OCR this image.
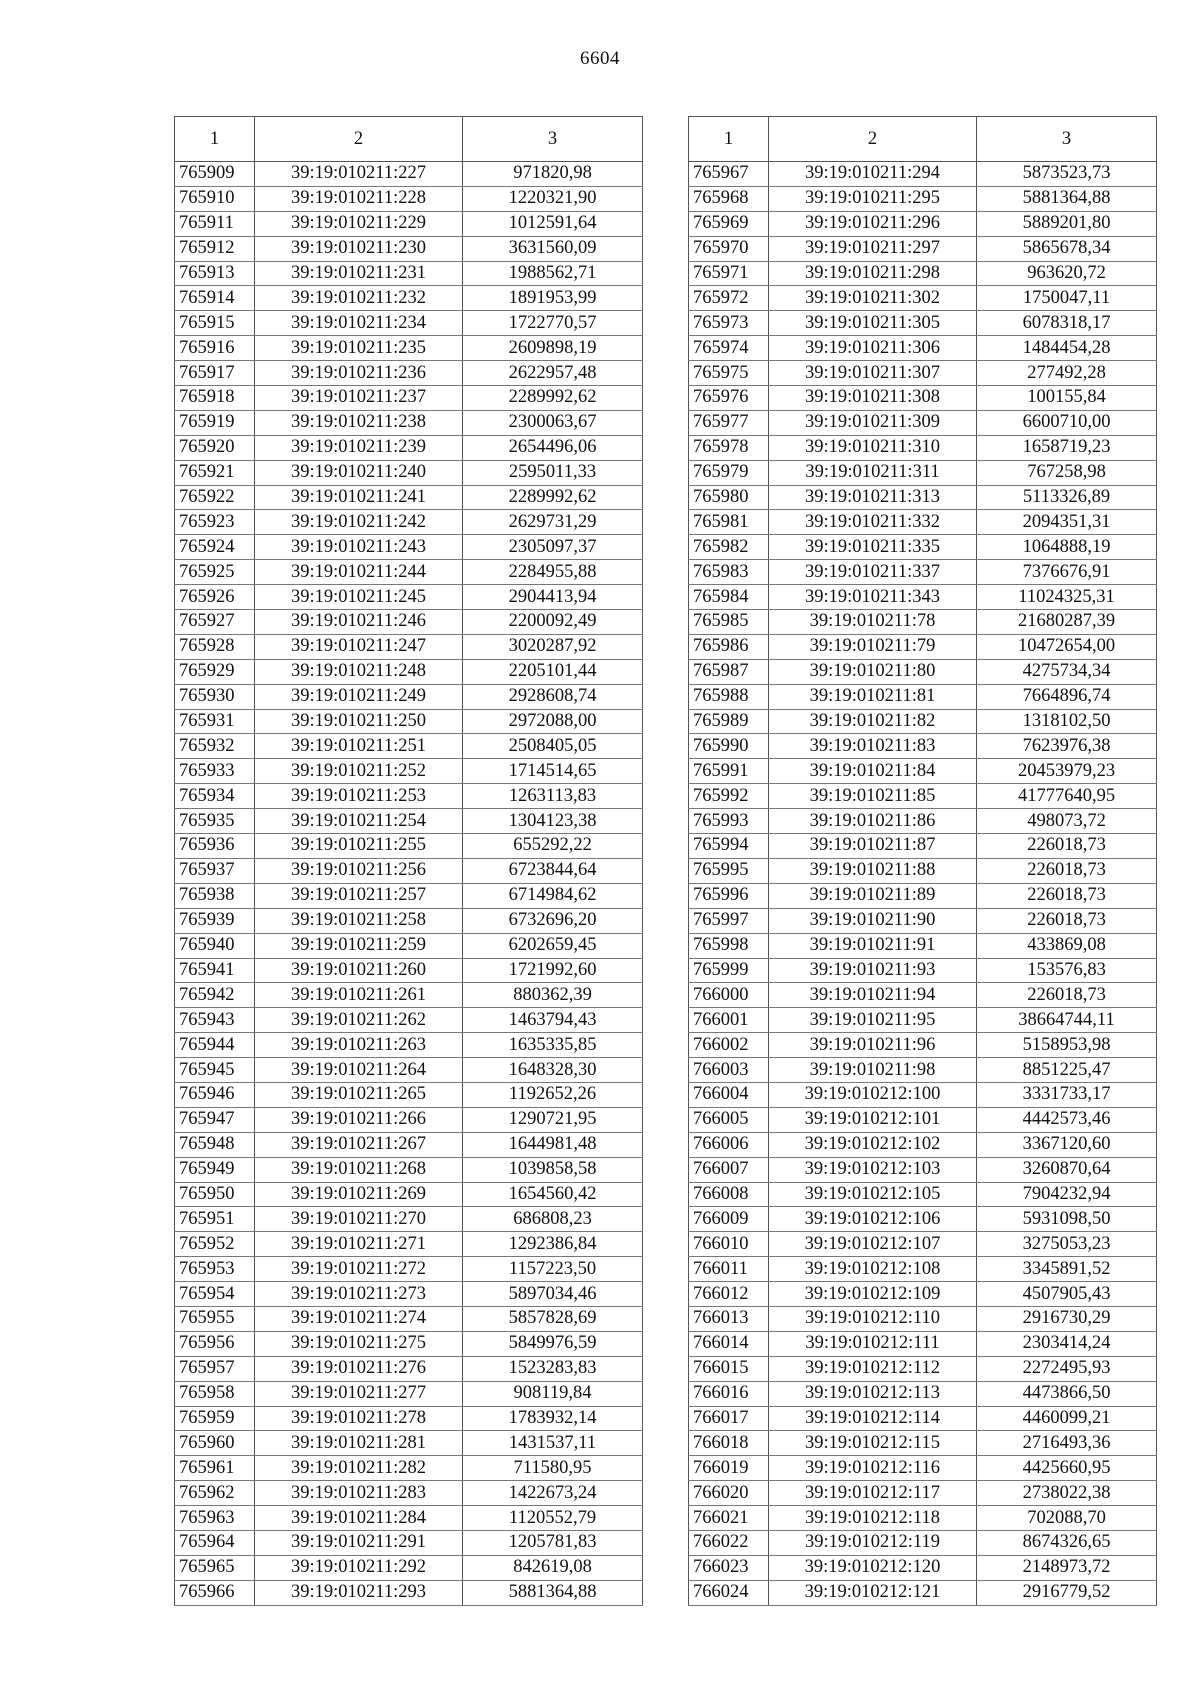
6604
1	2	3
765909	39:19:010211:227	971820,98
765910	39:19:010211:228	1220321,90
765911	39:19:010211:229	1012591,64
765912	39:19:010211:230	3631560,09
765913	39:19:010211:231	1988562,71
765914	39:19:010211:232	1891953,99
765915	39:19:010211:234	1722770,57
765916	39:19:010211:235	2609898,19
765917	39:19:010211:236	2622957,48
765918	39:19:010211:237	2289992,62
765919	39:19:010211:238	2300063,67
765920	39:19:010211:239	2654496,06
765921	39:19:010211:240	2595011,33
765922	39:19:010211:241	2289992,62
765923	39:19:010211:242	2629731,29
765924	39:19:010211:243	2305097,37
765925	39:19:010211:244	2284955,88
765926	39:19:010211:245	2904413,94
765927	39:19:010211:246	2200092,49
765928	39:19:010211:247	3020287,92
765929	39:19:010211:248	2205101,44
765930	39:19:010211:249	2928608,74
765931	39:19:010211:250	2972088,00
765932	39:19:010211:251	2508405,05
765933	39:19:010211:252	1714514,65
765934	39:19:010211:253	1263113,83
765935	39:19:010211:254	1304123,38
765936	39:19:010211:255	655292,22
765937	39:19:010211:256	6723844,64
765938	39:19:010211:257	6714984,62
765939	39:19:010211:258	6732696,20
765940	39:19:010211:259	6202659,45
765941	39:19:010211:260	1721992,60
765942	39:19:010211:261	880362,39
765943	39:19:010211:262	1463794,43
765944	39:19:010211:263	1635335,85
765945	39:19:010211:264	1648328,30
765946	39:19:010211:265	1192652,26
765947	39:19:010211:266	1290721,95
765948	39:19:010211:267	1644981,48
765949	39:19:010211:268	1039858,58
765950	39:19:010211:269	1654560,42
765951	39:19:010211:270	686808,23
765952	39:19:010211:271	1292386,84
765953	39:19:010211:272	1157223,50
765954	39:19:010211:273	5897034,46
765955	39:19:010211:274	5857828,69
765956	39:19:010211:275	5849976,59
765957	39:19:010211:276	1523283,83
765958	39:19:010211:277	908119,84
765959	39:19:010211:278	1783932,14
765960	39:19:010211:281	1431537,11
765961	39:19:010211:282	711580,95
765962	39:19:010211:283	1422673,24
765963	39:19:010211:284	1120552,79
765964	39:19:010211:291	1205781,83
765965	39:19:010211:292	842619,08
765966	39:19:010211:293	5881364,88
1	2	3
765967	39:19:010211:294	5873523,73
765968	39:19:010211:295	5881364,88
765969	39:19:010211:296	5889201,80
765970	39:19:010211:297	5865678,34
765971	39:19:010211:298	963620,72
765972	39:19:010211:302	1750047,11
765973	39:19:010211:305	6078318,17
765974	39:19:010211:306	1484454,28
765975	39:19:010211:307	277492,28
765976	39:19:010211:308	100155,84
765977	39:19:010211:309	6600710,00
765978	39:19:010211:310	1658719,23
765979	39:19:010211:311	767258,98
765980	39:19:010211:313	5113326,89
765981	39:19:010211:332	2094351,31
765982	39:19:010211:335	1064888,19
765983	39:19:010211:337	7376676,91
765984	39:19:010211:343	11024325,31
765985	39:19:010211:78	21680287,39
765986	39:19:010211:79	10472654,00
765987	39:19:010211:80	4275734,34
765988	39:19:010211:81	7664896,74
765989	39:19:010211:82	1318102,50
765990	39:19:010211:83	7623976,38
765991	39:19:010211:84	20453979,23
765992	39:19:010211:85	41777640,95
765993	39:19:010211:86	498073,72
765994	39:19:010211:87	226018,73
765995	39:19:010211:88	226018,73
765996	39:19:010211:89	226018,73
765997	39:19:010211:90	226018,73
765998	39:19:010211:91	433869,08
765999	39:19:010211:93	153576,83
766000	39:19:010211:94	226018,73
766001	39:19:010211:95	38664744,11
766002	39:19:010211:96	5158953,98
766003	39:19:010211:98	8851225,47
766004	39:19:010212:100	3331733,17
766005	39:19:010212:101	4442573,46
766006	39:19:010212:102	3367120,60
766007	39:19:010212:103	3260870,64
766008	39:19:010212:105	7904232,94
766009	39:19:010212:106	5931098,50
766010	39:19:010212:107	3275053,23
766011	39:19:010212:108	3345891,52
766012	39:19:010212:109	4507905,43
766013	39:19:010212:110	2916730,29
766014	39:19:010212:111	2303414,24
766015	39:19:010212:112	2272495,93
766016	39:19:010212:113	4473866,50
766017	39:19:010212:114	4460099,21
766018	39:19:010212:115	2716493,36
766019	39:19:010212:116	4425660,95
766020	39:19:010212:117	2738022,38
766021	39:19:010212:118	702088,70
766022	39:19:010212:119	8674326,65
766023	39:19:010212:120	2148973,72
766024	39:19:010212:121	2916779,52
